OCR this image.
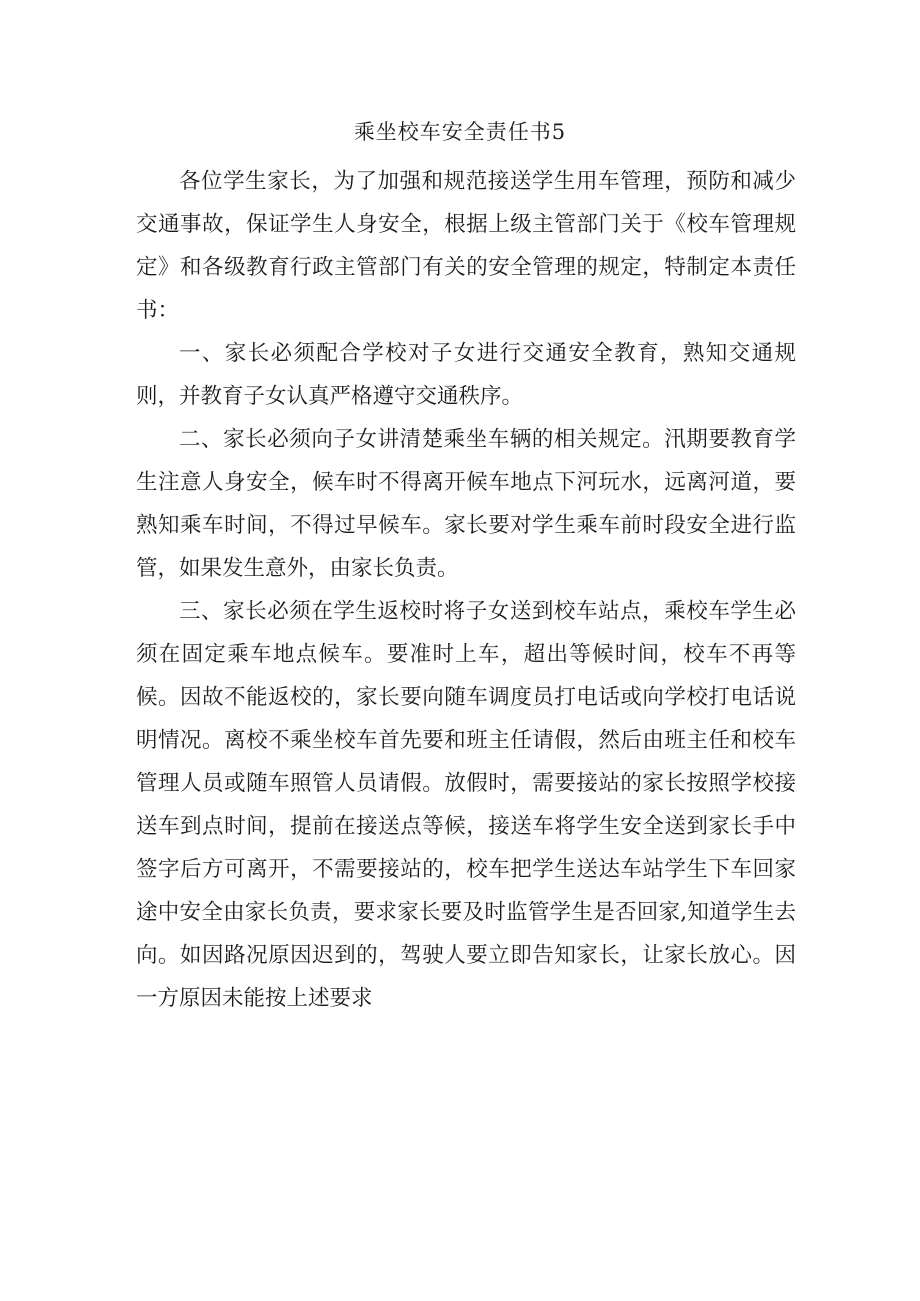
乘坐校车安全责任书5

各位学生家长，为了加强和规范接送学生用车管理，预防和减少交通事故，保证学生人身安全，根据上级主管部门关于《校车管理规定》和各级教育行政主管部门有关的安全管理的规定，特制定本责任书：

一、家长必须配合学校对子女进行交通安全教育，熟知交通规则，并教育子女认真严格遵守交通秩序。

二、家长必须向子女讲清楚乘坐车辆的相关规定。汛期要教育学生注意人身安全，候车时不得离开候车地点下河玩水，远离河道，要熟知乘车时间，不得过早候车。家长要对学生乘车前时段安全进行监管，如果发生意外，由家长负责。

三、家长必须在学生返校时将子女送到校车站点，乘校车学生必须在固定乘车地点候车。要准时上车，超出等候时间，校车不再等候。因故不能返校的，家长要向随车调度员打电话或向学校打电话说明情况。离校不乘坐校车首先要和班主任请假，然后由班主任和校车管理人员或随车照管人员请假。放假时，需要接站的家长按照学校接送车到点时间，提前在接送点等候，接送车将学生安全送到家长手中签字后方可离开，不需要接站的，校车把学生送达车站学生下车回家途中安全由家长负责，要求家长要及时监管学生是否回家,知道学生去向。如因路况原因迟到的，驾驶人要立即告知家长，让家长放心。因一方原因未能按上述要求
